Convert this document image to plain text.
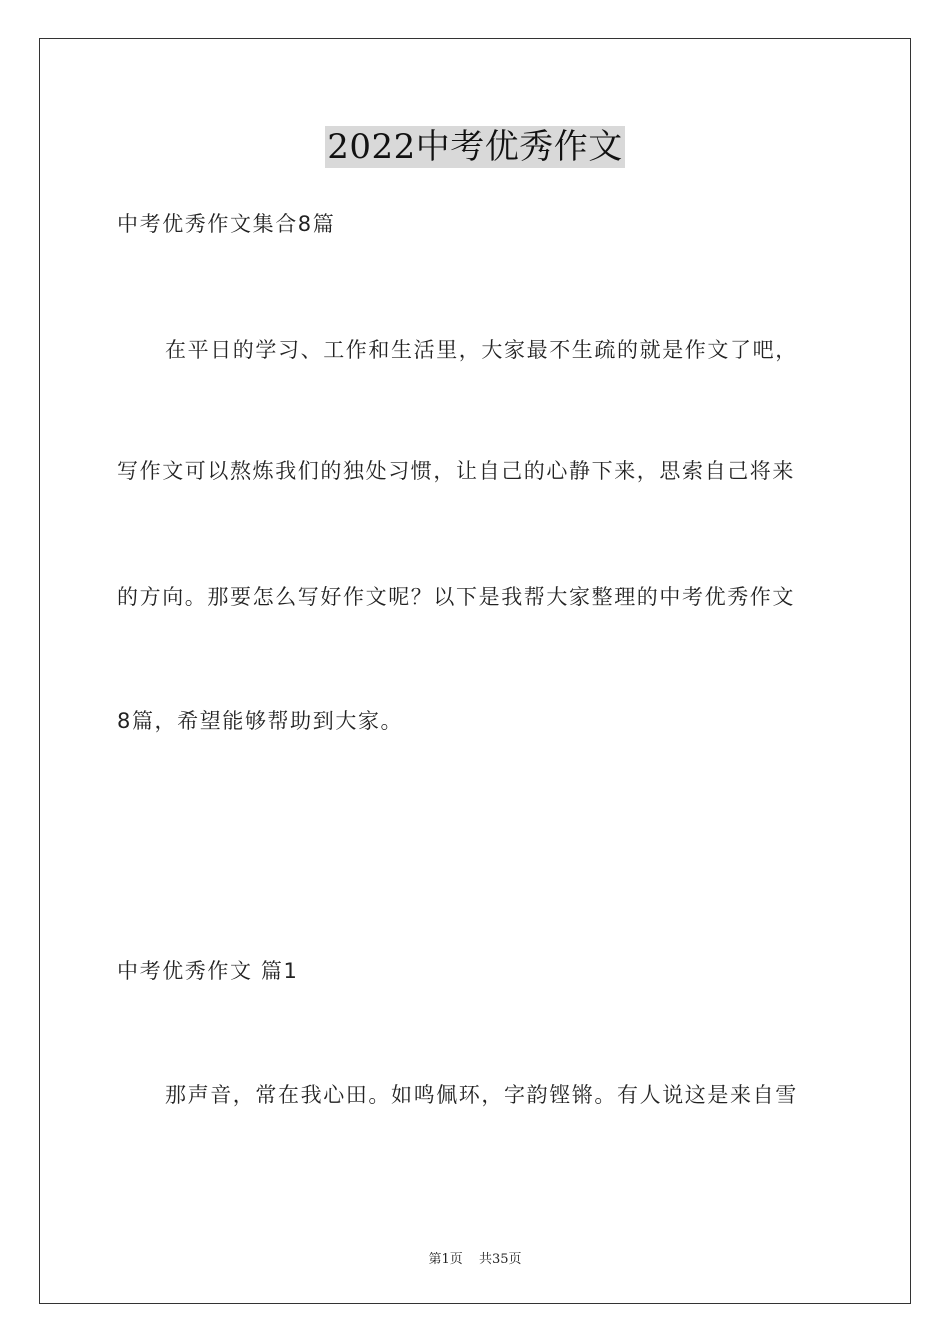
2022中考优秀作文
中考优秀作文集合8篇
在平日的学习、工作和生活里，大家最不生疏的就是作文了吧，
写作文可以熬炼我们的独处习惯，让自己的心静下来，思索自己将来
的方向。那要怎么写好作文呢？以下是我帮大家整理的中考优秀作文
8篇，希望能够帮助到大家。
中考优秀作文 篇1
那声音，常在我心田。如鸣佩环，字韵铿锵。有人说这是来自雪
第1页 共35页
